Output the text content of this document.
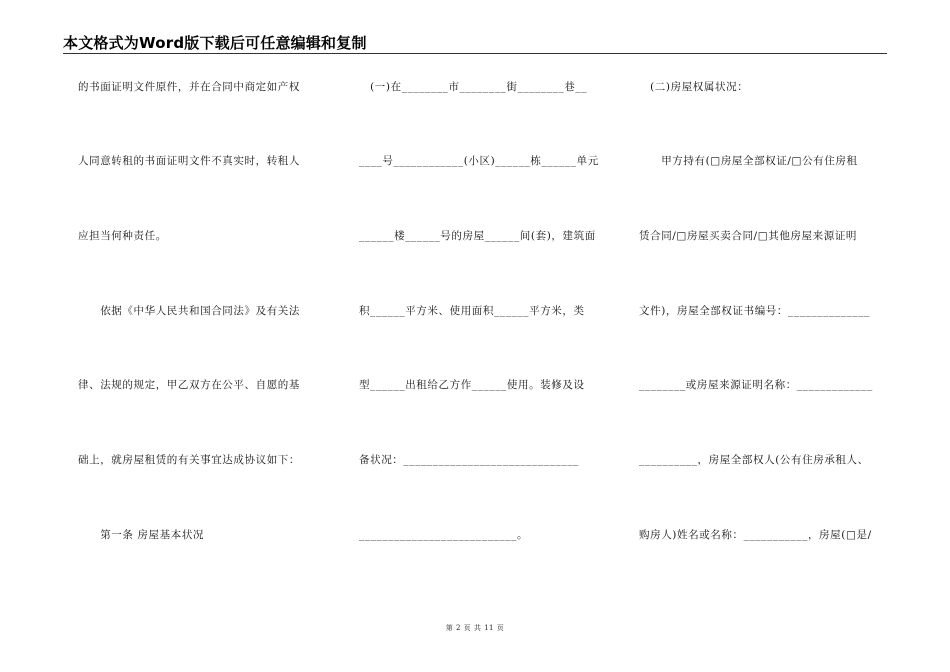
本文格式为Word版下载后可任意编辑和复制
的书面证明文件原件，并在合同中商定如产权
人同意转租的书面证明文件不真实时，转租人
应担当何种责任。
　　依据《中华人民共和国合同法》及有关法
律、法规的规定，甲乙双方在公平、自愿的基
础上，就房屋租赁的有关事宜达成协议如下：
　　第一条 房屋基本状况
　(一)在________市________街________巷__
____号____________(小区)______栋______单元
______楼______号的房屋______间(套)，建筑面
积______平方米、使用面积______平方米，类
型______出租给乙方作______使用。装修及设
备状况：______________________________
___________________________。
　(二)房屋权属状况：
　　甲方持有(□房屋全部权证/□公有住房租
赁合同/□房屋买卖合同/□其他房屋来源证明
文件)，房屋全部权证书编号：______________
________或房屋来源证明名称：_____________
__________，房屋全部权人(公有住房承租人、
购房人)姓名或名称：___________，房屋(□是/
第 2 页 共 11 页
